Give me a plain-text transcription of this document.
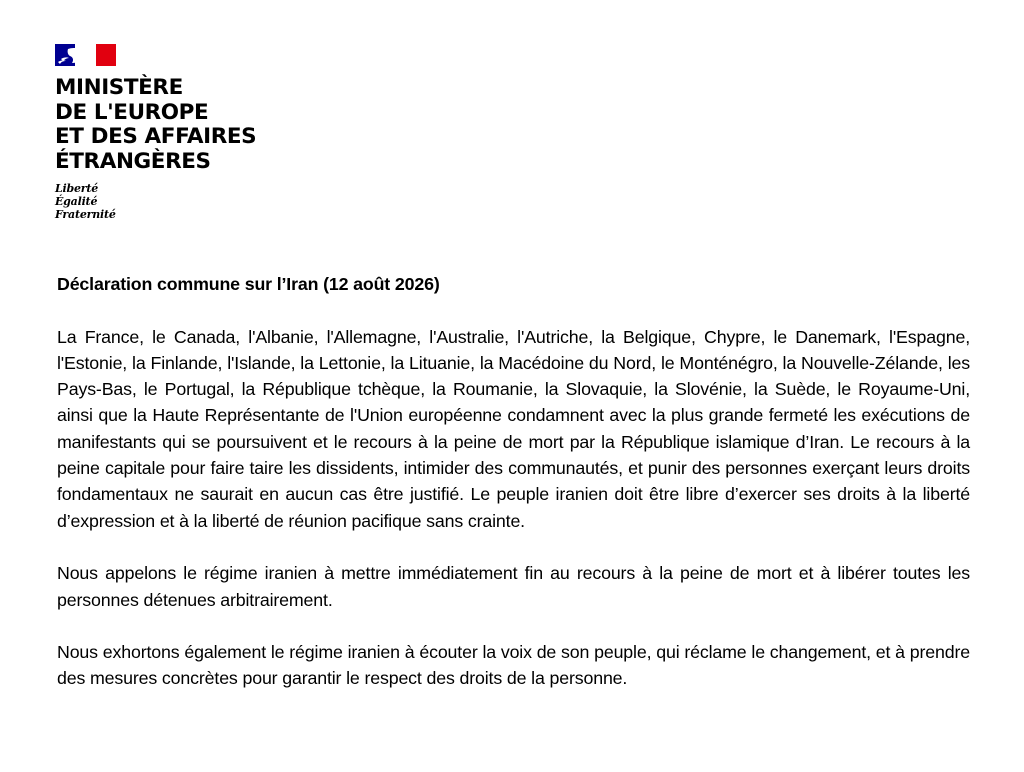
MINISTÈRE
DE L'EUROPE
ET DES AFFAIRES
ÉTRANGÈRES
Liberté
Égalité
Fraternité

Déclaration commune sur l’Iran (12 août 2026)

La France, le Canada, l'Albanie, l'Allemagne, l'Australie, l'Autriche, la Belgique, Chypre, le Danemark, l'Espagne, l'Estonie, la Finlande, l'Islande, la Lettonie, la Lituanie, la Macédoine du Nord, le Monténégro, la Nouvelle-Zélande, les Pays-Bas, le Portugal, la République tchèque, la Roumanie, la Slovaquie, la Slovénie, la Suède, le Royaume-Uni, ainsi que la Haute Représentante de l'Union européenne condamnent avec la plus grande fermeté les exécutions de manifestants qui se poursuivent et le recours à la peine de mort par la République islamique d’Iran. Le recours à la peine capitale pour faire taire les dissidents, intimider des communautés, et punir des personnes exerçant leurs droits fondamentaux ne saurait en aucun cas être justifié. Le peuple iranien doit être libre d’exercer ses droits à la liberté d’expression et à la liberté de réunion pacifique sans crainte.

Nous appelons le régime iranien à mettre immédiatement fin au recours à la peine de mort et à libérer toutes les personnes détenues arbitrairement.

Nous exhortons également le régime iranien à écouter la voix de son peuple, qui réclame le changement, et à prendre des mesures concrètes pour garantir le respect des droits de la personne.
